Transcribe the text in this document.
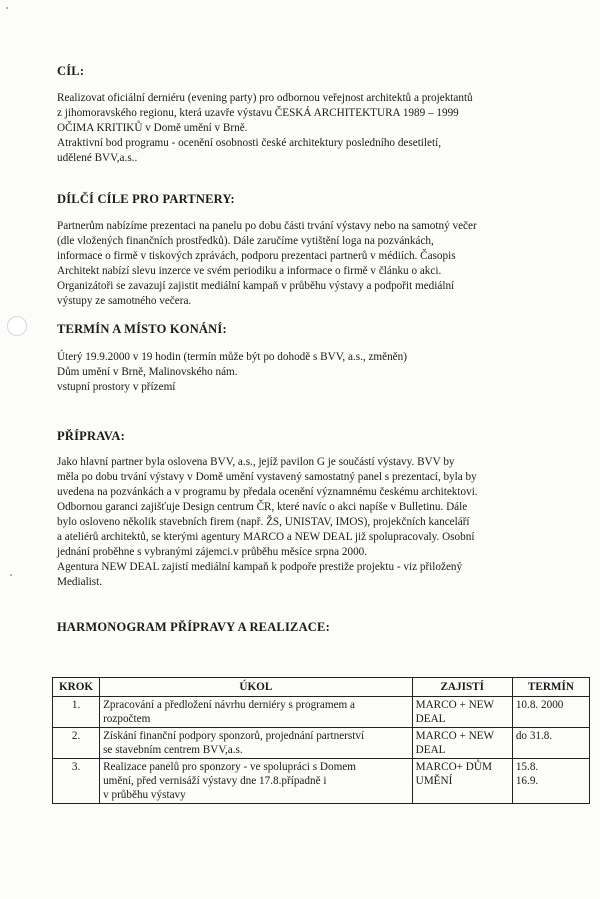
CÍL:

Realizovat oficiální derniéru (evening party) pro odbornou veřejnost architektů a projektantů
z jihomoravského regionu, která uzavře výstavu ČESKÁ ARCHITEKTURA 1989 – 1999
OČIMA KRITIKŮ v Domě umění v Brně.
Atraktivní bod programu - ocenění osobnosti české architektury posledního desetiletí,
udělené BVV,a.s..

DÍLČÍ CÍLE PRO PARTNERY:

Partnerům nabízíme prezentaci na panelu po dobu části trvání výstavy nebo na samotný večer
(dle vložených finančních prostředků). Dále zaručíme vytištění loga na pozvánkách,
informace o firmě v tiskových zprávách, podporu prezentaci partnerů v médiích. Časopis
Architekt nabízí slevu inzerce ve svém periodiku a informace o firmě v článku o akci.
Organizátoři se zavazují zajistit mediální kampaň v průběhu výstavy a podpořit mediální
výstupy ze samotného večera.

TERMÍN A MÍSTO KONÁNÍ:

Úterý 19.9.2000 v 19 hodin (termín může být po dohodě s BVV, a.s., změněn)
Dům umění v Brně, Malinovského nám.
vstupní prostory v přízemí

PŘÍPRAVA:

Jako hlavní partner byla oslovena BVV, a.s., jejíž pavilon G je součástí výstavy. BVV by
měla po dobu trvání výstavy v Domě umění vystavený samostatný panel s prezentací, byla by
uvedena na pozvánkách a v programu by předala ocenění významnému českému architektovi.
Odbornou garanci zajišťuje Design centrum ČR, které navíc o akci napíše v Bulletinu. Dále
bylo osloveno několik stavebních firem (např. ŽS, UNISTAV, IMOS), projekčních kanceláří
a ateliérů architektů, se kterými agentury MARCO a NEW DEAL již spolupracovaly. Osobní
jednání proběhne s vybranými zájemci.v průběhu měsíce srpna 2000.
Agentura NEW DEAL zajistí mediální kampaň k podpoře prestiže projektu - viz přiložený
Medialist.

HARMONOGRAM PŘÍPRAVY A REALIZACE:
KROK	ÚKOL	ZAJISTÍ	TERMÍN
1.	Zpracování a předložení návrhu derniéry s programem a
rozpočtem	MARCO + NEW
DEAL	10.8. 2000

2.	Získání finanční podpory sponzorů, projednání partnerství
se stavebním centrem BVV,a.s.	MARCO + NEW
DEAL	do 31.8.

3.	Realizace panelů pro sponzory - ve spolupráci s Domem
umění, před vernisáží výstavy dne 17.8.případně i
v průběhu výstavy	MARCO+ DŮM
UMĚNÍ	15.8.
16.9.
